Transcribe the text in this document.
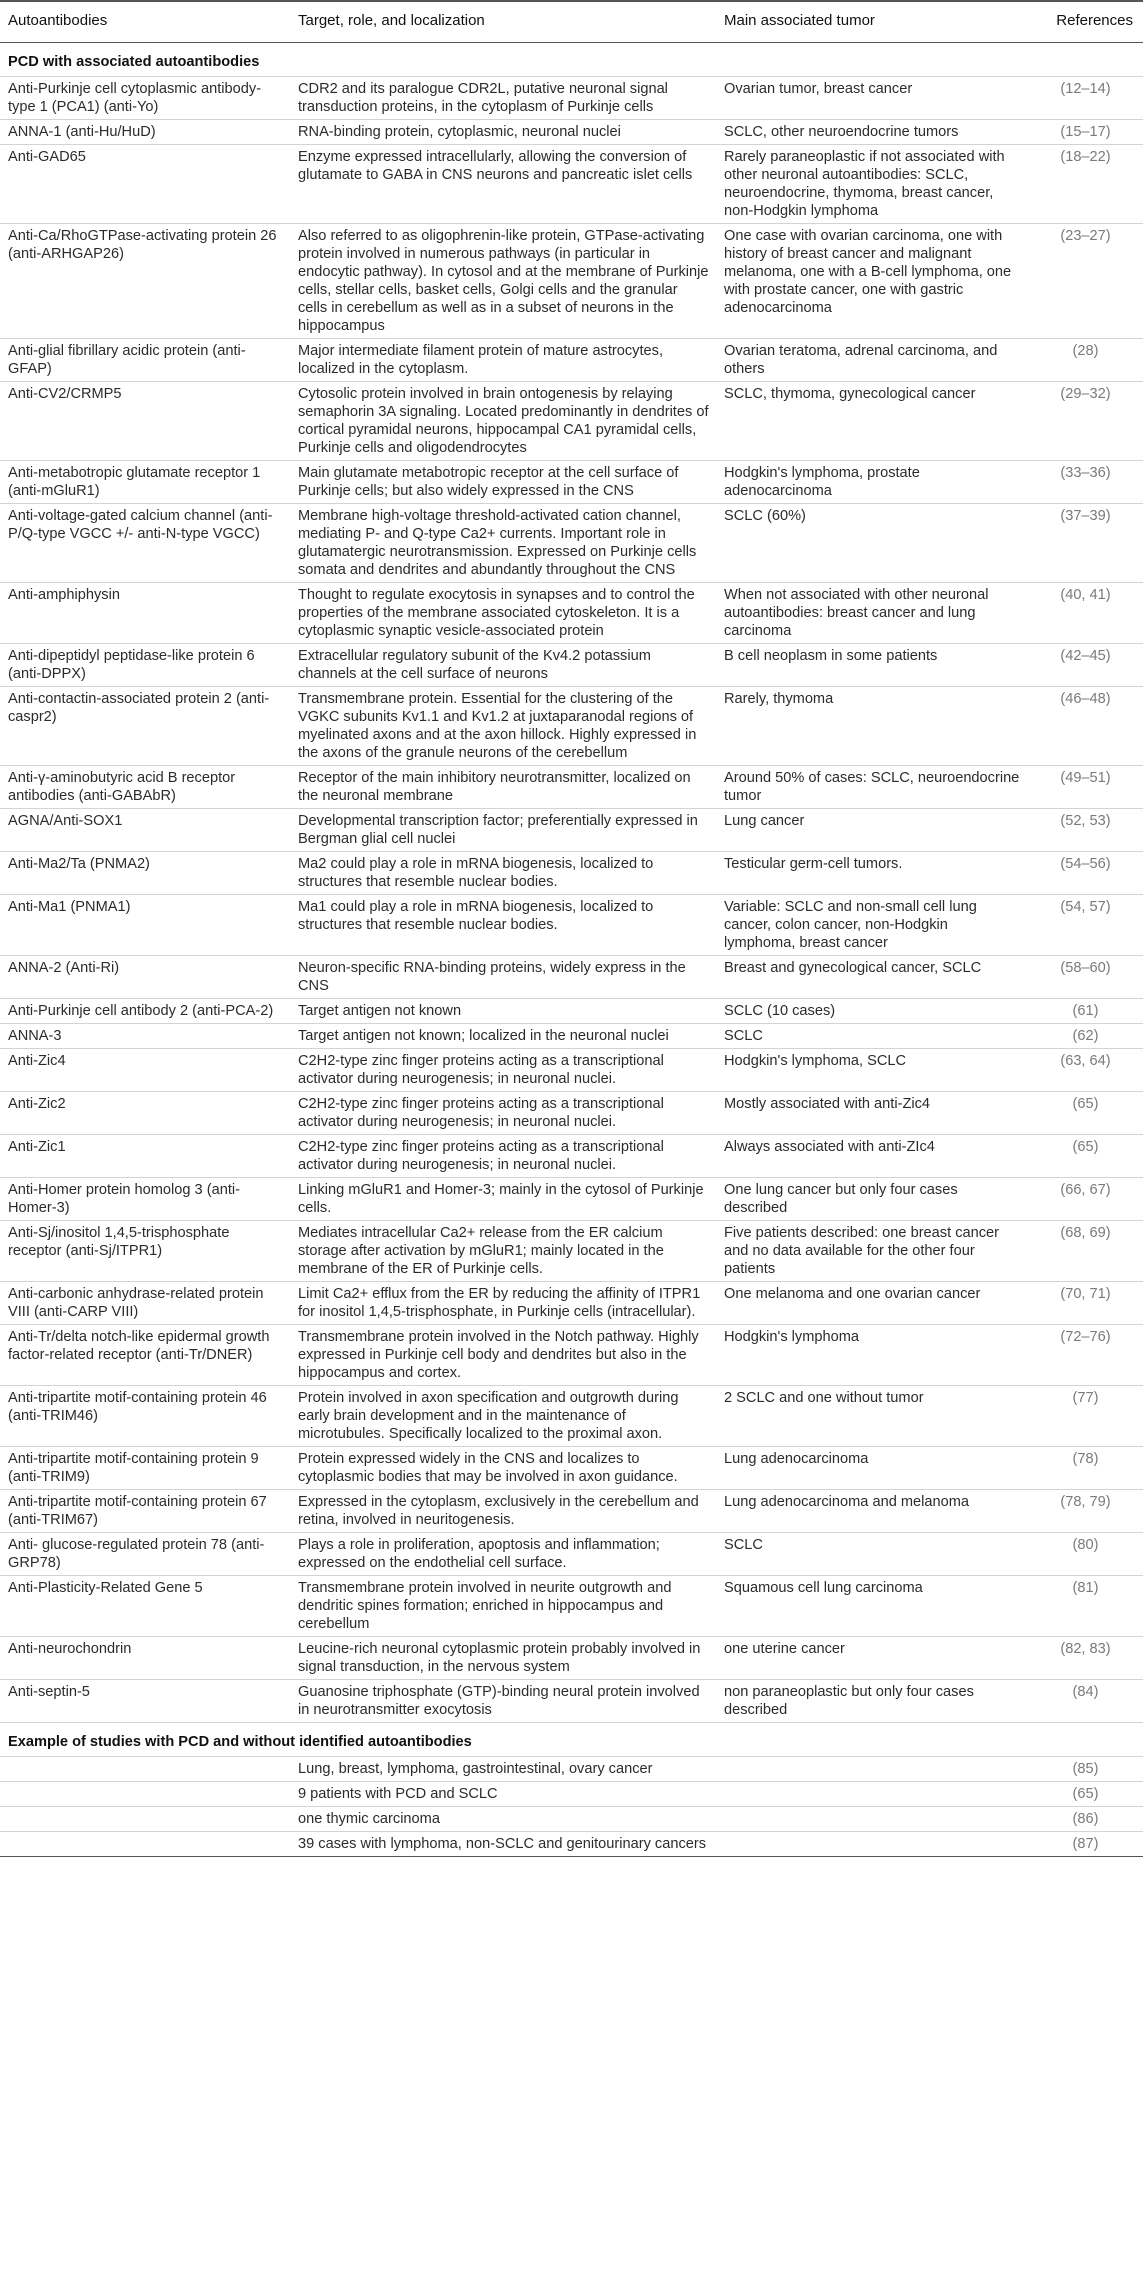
Autoantibodies	Target, role, and localization	Main associated tumor	References
PCD with associated autoantibodies			
Anti-Purkinje cell cytoplasmic antibody-type 1 (PCA1) (anti-Yo)	CDR2 and its paralogue CDR2L, putative neuronal signal transduction proteins, in the cytoplasm of Purkinje cells	Ovarian tumor, breast cancer	(12–14)
ANNA-1 (anti-Hu/HuD)	RNA-binding protein, cytoplasmic, neuronal nuclei	SCLC, other neuroendocrine tumors	(15–17)
Anti-GAD65	Enzyme expressed intracellularly, allowing the conversion of glutamate to GABA in CNS neurons and pancreatic islet cells	Rarely paraneoplastic if not associated with other neuronal autoantibodies: SCLC, neuroendocrine, thymoma, breast cancer, non-Hodgkin lymphoma	(18–22)
Anti-Ca/RhoGTPase-activating protein 26 (anti-ARHGAP26)	Also referred to as oligophrenin-like protein, GTPase-activating protein involved in numerous pathways (in particular in endocytic pathway). In cytosol and at the membrane of Purkinje cells, stellar cells, basket cells, Golgi cells and the granular cells in cerebellum as well as in a subset of neurons in the hippocampus	One case with ovarian carcinoma, one with history of breast cancer and malignant melanoma, one with a B-cell lymphoma, one with prostate cancer, one with gastric adenocarcinoma	(23–27)
Anti-glial fibrillary acidic protein (anti-GFAP)	Major intermediate filament protein of mature astrocytes, localized in the cytoplasm.	Ovarian teratoma, adrenal carcinoma, and others	(28)
Anti-CV2/CRMP5	Cytosolic protein involved in brain ontogenesis by relaying semaphorin 3A signaling. Located predominantly in dendrites of cortical pyramidal neurons, hippocampal CA1 pyramidal cells, Purkinje cells and oligodendrocytes	SCLC, thymoma, gynecological cancer	(29–32)
Anti-metabotropic glutamate receptor 1 (anti-mGluR1)	Main glutamate metabotropic receptor at the cell surface of Purkinje cells; but also widely expressed in the CNS	Hodgkin's lymphoma, prostate adenocarcinoma	(33–36)
Anti-voltage-gated calcium channel (anti-P/Q-type VGCC +/- anti-N-type VGCC)	Membrane high-voltage threshold-activated cation channel, mediating P- and Q-type Ca2+ currents. Important role in glutamatergic neurotransmission. Expressed on Purkinje cells somata and dendrites and abundantly throughout the CNS	SCLC (60%)	(37–39)
Anti-amphiphysin	Thought to regulate exocytosis in synapses and to control the properties of the membrane associated cytoskeleton. It is a cytoplasmic synaptic vesicle-associated protein	When not associated with other neuronal autoantibodies: breast cancer and lung carcinoma	(40, 41)
Anti-dipeptidyl peptidase-like protein 6 (anti-DPPX)	Extracellular regulatory subunit of the Kv4.2 potassium channels at the cell surface of neurons	B cell neoplasm in some patients	(42–45)
Anti-contactin-associated protein 2 (anti-caspr2)	Transmembrane protein. Essential for the clustering of the VGKC subunits Kv1.1 and Kv1.2 at juxtaparanodal regions of myelinated axons and at the axon hillock. Highly expressed in the axons of the granule neurons of the cerebellum	Rarely, thymoma	(46–48)
Anti-γ-aminobutyric acid B receptor antibodies (anti-GABAbR)	Receptor of the main inhibitory neurotransmitter, localized on the neuronal membrane	Around 50% of cases: SCLC, neuroendocrine tumor	(49–51)
AGNA/Anti-SOX1	Developmental transcription factor; preferentially expressed in Bergman glial cell nuclei	Lung cancer	(52, 53)
Anti-Ma2/Ta (PNMA2)	Ma2 could play a role in mRNA biogenesis, localized to structures that resemble nuclear bodies.	Testicular germ-cell tumors.	(54–56)
Anti-Ma1 (PNMA1)	Ma1 could play a role in mRNA biogenesis, localized to structures that resemble nuclear bodies.	Variable: SCLC and non-small cell lung cancer, colon cancer, non-Hodgkin lymphoma, breast cancer	(54, 57)
ANNA-2 (Anti-Ri)	Neuron-specific RNA-binding proteins, widely express in the CNS	Breast and gynecological cancer, SCLC	(58–60)
Anti-Purkinje cell antibody 2 (anti-PCA-2)	Target antigen not known	SCLC (10 cases)	(61)
ANNA-3	Target antigen not known; localized in the neuronal nuclei	SCLC	(62)
Anti-Zic4	C2H2-type zinc finger proteins acting as a transcriptional activator during neurogenesis; in neuronal nuclei.	Hodgkin's lymphoma, SCLC	(63, 64)
Anti-Zic2	C2H2-type zinc finger proteins acting as a transcriptional activator during neurogenesis; in neuronal nuclei.	Mostly associated with anti-Zic4	(65)
Anti-Zic1	C2H2-type zinc finger proteins acting as a transcriptional activator during neurogenesis; in neuronal nuclei.	Always associated with anti-ZIc4	(65)
Anti-Homer protein homolog 3 (anti-Homer-3)	Linking mGluR1 and Homer-3; mainly in the cytosol of Purkinje cells.	One lung cancer but only four cases described	(66, 67)
Anti-Sj/inositol 1,4,5-trisphosphate receptor (anti-Sj/ITPR1)	Mediates intracellular Ca2+ release from the ER calcium storage after activation by mGluR1; mainly located in the membrane of the ER of Purkinje cells.	Five patients described: one breast cancer and no data available for the other four patients	(68, 69)
Anti-carbonic anhydrase-related protein VIII (anti-CARP VIII)	Limit Ca2+ efflux from the ER by reducing the affinity of ITPR1 for inositol 1,4,5-trisphosphate, in Purkinje cells (intracellular).	One melanoma and one ovarian cancer	(70, 71)
Anti-Tr/delta notch-like epidermal growth factor-related receptor (anti-Tr/DNER)	Transmembrane protein involved in the Notch pathway. Highly expressed in Purkinje cell body and dendrites but also in the hippocampus and cortex.	Hodgkin's lymphoma	(72–76)
Anti-tripartite motif-containing protein 46 (anti-TRIM46)	Protein involved in axon specification and outgrowth during early brain development and in the maintenance of microtubules. Specifically localized to the proximal axon.	2 SCLC and one without tumor	(77)
Anti-tripartite motif-containing protein 9 (anti-TRIM9)	Protein expressed widely in the CNS and localizes to cytoplasmic bodies that may be involved in axon guidance.	Lung adenocarcinoma	(78)
Anti-tripartite motif-containing protein 67 (anti-TRIM67)	Expressed in the cytoplasm, exclusively in the cerebellum and retina, involved in neuritogenesis.	Lung adenocarcinoma and melanoma	(78, 79)
Anti- glucose-regulated protein 78 (anti-GRP78)	Plays a role in proliferation, apoptosis and inflammation; expressed on the endothelial cell surface.	SCLC	(80)
Anti-Plasticity-Related Gene 5	Transmembrane protein involved in neurite outgrowth and dendritic spines formation; enriched in hippocampus and cerebellum	Squamous cell lung carcinoma	(81)
Anti-neurochondrin	Leucine-rich neuronal cytoplasmic protein probably involved in signal transduction, in the nervous system	one uterine cancer	(82, 83)
Anti-septin-5	Guanosine triphosphate (GTP)-binding neural protein involved in neurotransmitter exocytosis	non paraneoplastic but only four cases described	(84)
Example of studies with PCD and without identified autoantibodies			
	Lung, breast, lymphoma, gastrointestinal, ovary cancer		(85)
	9 patients with PCD and SCLC		(65)
	one thymic carcinoma		(86)
	39 cases with lymphoma, non-SCLC and genitourinary cancers		(87)
